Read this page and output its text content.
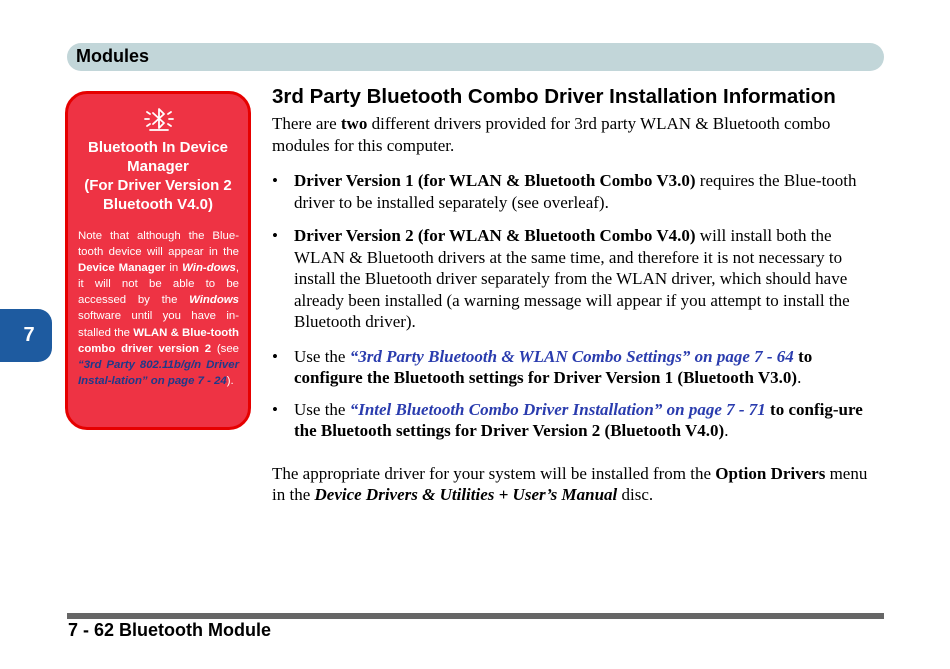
Modules
7
Bluetooth In Device
Manager
(For Driver Version 2
Bluetooth V4.0)
Note that although the Blue-tooth device will appear in the Device Manager in Win-dows, it will not be able to be accessed by the Windows software until you have in-stalled the WLAN & Blue-tooth combo driver version 2 (see “3rd Party 802.11b/g/n Driver Instal-lation” on page 7 - 24).
3rd Party Bluetooth Combo Driver Installation Information

There are two different drivers provided for 3rd party WLAN & Bluetooth combo modules for this computer.

• Driver Version 1 (for WLAN & Bluetooth Combo V3.0) requires the Blue-tooth driver to be installed separately (see overleaf).
• Driver Version 2 (for WLAN & Bluetooth Combo V4.0) will install both the WLAN & Bluetooth drivers at the same time, and therefore it is not necessary to install the Bluetooth driver separately from the WLAN driver, which should have already been installed (a warning message will appear if you attempt to install the Bluetooth driver).
• Use the “3rd Party Bluetooth & WLAN Combo Settings” on page 7 - 64 to configure the Bluetooth settings for Driver Version 1 (Bluetooth V3.0).
• Use the “Intel Bluetooth Combo Driver Installation” on page 7 - 71 to config-ure the Bluetooth settings for Driver Version 2 (Bluetooth V4.0).

The appropriate driver for your system will be installed from the Option Drivers menu in the Device Drivers & Utilities + User’s Manual disc.

7 - 62 Bluetooth Module
